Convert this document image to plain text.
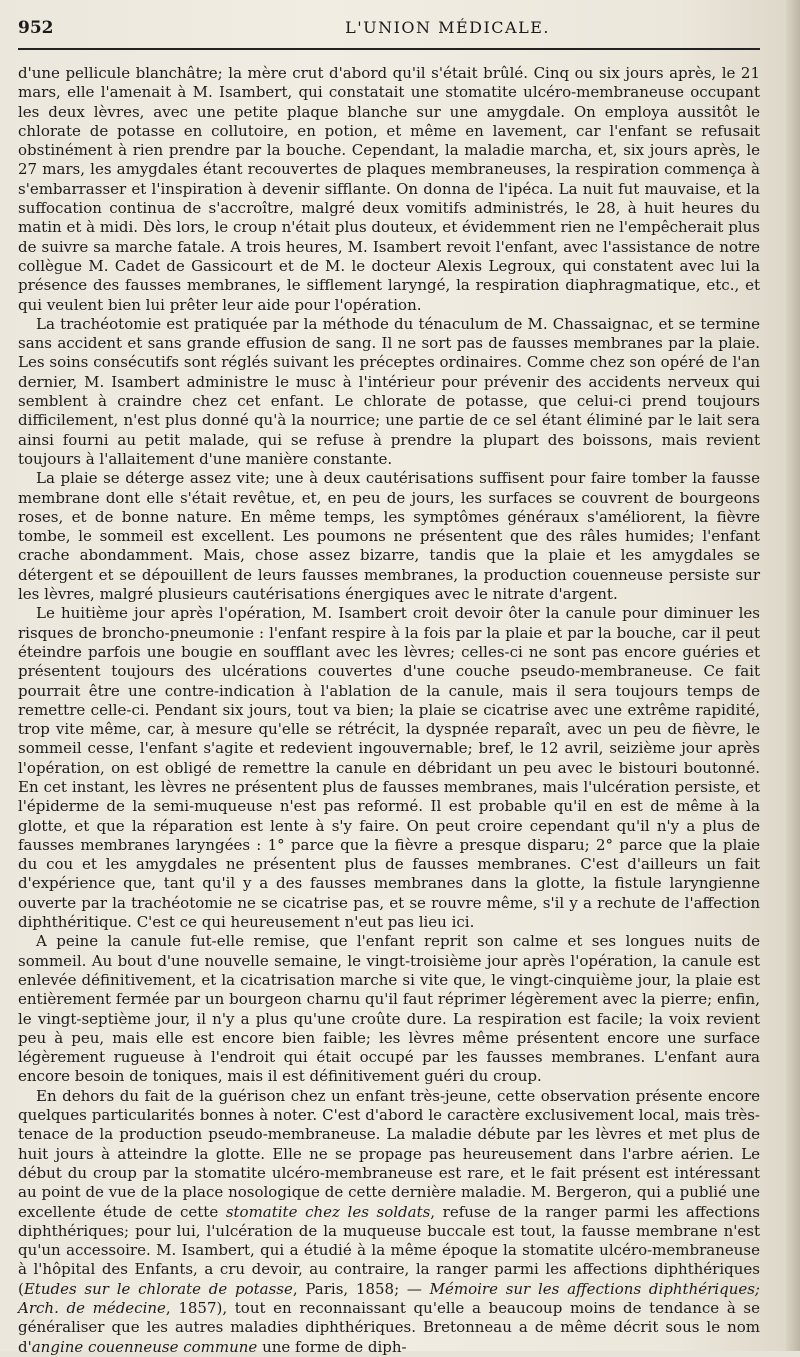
952	L'UNION MÉDICALE.

d'une pellicule blanchâtre; la mère crut d'abord qu'il s'était brûlé. Cinq ou six jours après, le 21 mars, elle l'amenait à M. Isambert, qui constatait une stomatite ulcéro-membraneuse occupant les deux lèvres, avec une petite plaque blanche sur une amygdale. On employa aussitôt le chlorate de potasse en collutoire, en potion, et même en lavement, car l'enfant se refusait obstinément à rien prendre par la bouche. Cependant, la maladie marcha, et, six jours après, le 27 mars, les amygdales étant recouvertes de plaques membraneuses, la respiration commença à s'embarrasser et l'inspiration à devenir sifflante. On donna de l'ipéca. La nuit fut mauvaise, et la suffocation continua de s'accroître, malgré deux vomitifs administrés, le 28, à huit heures du matin et à midi. Dès lors, le croup n'était plus douteux, et évidemment rien ne l'empêcherait plus de suivre sa marche fatale. A trois heures, M. Isambert revoit l'enfant, avec l'assistance de notre collègue M. Cadet de Gassicourt et de M. le docteur Alexis Legroux, qui constatent avec lui la présence des fausses membranes, le sifflement laryngé, la respiration diaphragmatique, etc., et qui veulent bien lui prêter leur aide pour l'opération.

La trachéotomie est pratiquée par la méthode du ténaculum de M. Chassaignac, et se termine sans accident et sans grande effusion de sang. Il ne sort pas de fausses membranes par la plaie. Les soins consécutifs sont réglés suivant les préceptes ordinaires. Comme chez son opéré de l'an dernier, M. Isambert administre le musc à l'intérieur pour prévenir des accidents nerveux qui semblent à craindre chez cet enfant. Le chlorate de potasse, que celui-ci prend toujours difficilement, n'est plus donné qu'à la nourrice; une partie de ce sel étant éliminé par le lait sera ainsi fourni au petit malade, qui se refuse à prendre la plupart des boissons, mais revient toujours à l'allaitement d'une manière constante.

La plaie se déterge assez vite; une à deux cautérisations suffisent pour faire tomber la fausse membrane dont elle s'était revêtue, et, en peu de jours, les surfaces se couvrent de bourgeons roses, et de bonne nature. En même temps, les symptômes généraux s'améliorent, la fièvre tombe, le sommeil est excellent. Les poumons ne présentent que des râles humides; l'enfant crache abondamment. Mais, chose assez bizarre, tandis que la plaie et les amygdales se détergent et se dépouillent de leurs fausses membranes, la production couenneuse persiste sur les lèvres, malgré plusieurs cautérisations énergiques avec le nitrate d'argent.

Le huitième jour après l'opération, M. Isambert croit devoir ôter la canule pour diminuer les risques de broncho-pneumonie : l'enfant respire à la fois par la plaie et par la bouche, car il peut éteindre parfois une bougie en soufflant avec les lèvres; celles-ci ne sont pas encore guéries et présentent toujours des ulcérations couvertes d'une couche pseudo-membraneuse. Ce fait pourrait être une contre-indication à l'ablation de la canule, mais il sera toujours temps de remettre celle-ci. Pendant six jours, tout va bien; la plaie se cicatrise avec une extrême rapidité, trop vite même, car, à mesure qu'elle se rétrécit, la dyspnée reparaît, avec un peu de fièvre, le sommeil cesse, l'enfant s'agite et redevient ingouvernable; bref, le 12 avril, seizième jour après l'opération, on est obligé de remettre la canule en débridant un peu avec le bistouri boutonné. En cet instant, les lèvres ne présentent plus de fausses membranes, mais l'ulcération persiste, et l'épiderme de la semi-muqueuse n'est pas reformé. Il est probable qu'il en est de même à la glotte, et que la réparation est lente à s'y faire. On peut croire cependant qu'il n'y a plus de fausses membranes laryngées : 1° parce que la fièvre a presque disparu; 2° parce que la plaie du cou et les amygdales ne présentent plus de fausses membranes. C'est d'ailleurs un fait d'expérience que, tant qu'il y a des fausses membranes dans la glotte, la fistule laryngienne ouverte par la trachéotomie ne se cicatrise pas, et se rouvre même, s'il y a rechute de l'affection diphthéritique. C'est ce qui heureusement n'eut pas lieu ici.

A peine la canule fut-elle remise, que l'enfant reprit son calme et ses longues nuits de sommeil. Au bout d'une nouvelle semaine, le vingt-troisième jour après l'opération, la canule est enlevée définitivement, et la cicatrisation marche si vite que, le vingt-cinquième jour, la plaie est entièrement fermée par un bourgeon charnu qu'il faut réprimer légèrement avec la pierre; enfin, le vingt-septième jour, il n'y a plus qu'une croûte dure. La respiration est facile; la voix revient peu à peu, mais elle est encore bien faible; les lèvres même présentent encore une surface légèrement rugueuse à l'endroit qui était occupé par les fausses membranes. L'enfant aura encore besoin de toniques, mais il est définitivement guéri du croup.

En dehors du fait de la guérison chez un enfant très-jeune, cette observation présente encore quelques particularités bonnes à noter. C'est d'abord le caractère exclusivement local, mais très-tenace de la production pseudo-membraneuse. La maladie débute par les lèvres et met plus de huit jours à atteindre la glotte. Elle ne se propage pas heureusement dans l'arbre aérien. Le début du croup par la stomatite ulcéro-membraneuse est rare, et le fait présent est intéressant au point de vue de la place nosologique de cette dernière maladie. M. Bergeron, qui a publié une excellente étude de cette stomatite chez les soldats, refuse de la ranger parmi les affections diphthériques; pour lui, l'ulcération de la muqueuse buccale est tout, la fausse membrane n'est qu'un accessoire. M. Isambert, qui a étudié à la même époque la stomatite ulcéro-membraneuse à l'hôpital des Enfants, a cru devoir, au contraire, la ranger parmi les affections diphthériques (Etudes sur le chlorate de potasse, Paris, 1858; — Mémoire sur les affections diphthériques; Arch. de médecine, 1857), tout en reconnaissant qu'elle a beaucoup moins de tendance à se généraliser que les autres maladies diphthériques. Bretonneau a de même décrit sous le nom d'angine couenneuse commune une forme de diph-
